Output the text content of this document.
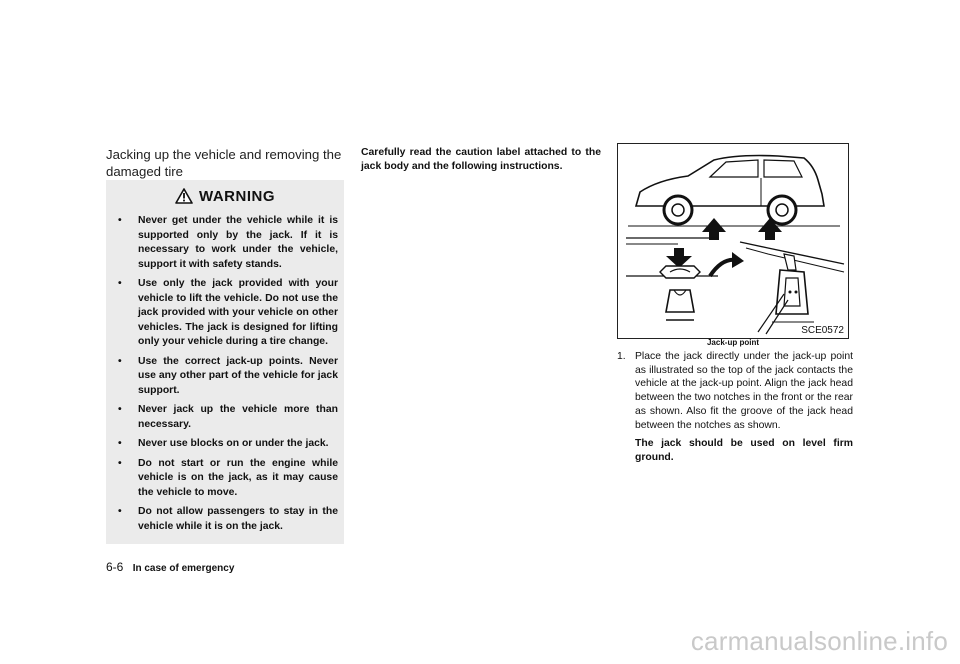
Jacking up the vehicle and removing the damaged tire
WARNING
• Never get under the vehicle while it is supported only by the jack. If it is necessary to work under the vehicle, support it with safety stands.
• Use only the jack provided with your vehicle to lift the vehicle. Do not use the jack provided with your vehicle on other vehicles. The jack is designed for lifting only your vehicle during a tire change.
• Use the correct jack-up points. Never use any other part of the vehicle for jack support.
• Never jack up the vehicle more than necessary.
• Never use blocks on or under the jack.
• Do not start or run the engine while vehicle is on the jack, as it may cause the vehicle to move.
• Do not allow passengers to stay in the vehicle while it is on the jack.
Carefully read the caution label attached to the jack body and the following instructions.
SCE0572
Jack-up point
1. Place the jack directly under the jack-up point as illustrated so the top of the jack contacts the vehicle at the jack-up point. Align the jack head between the two notches in the front or the rear as shown. Also fit the groove of the jack head between the notches as shown.
The jack should be used on level firm ground.
6-6 In case of emergency
carmanualsonline.info
